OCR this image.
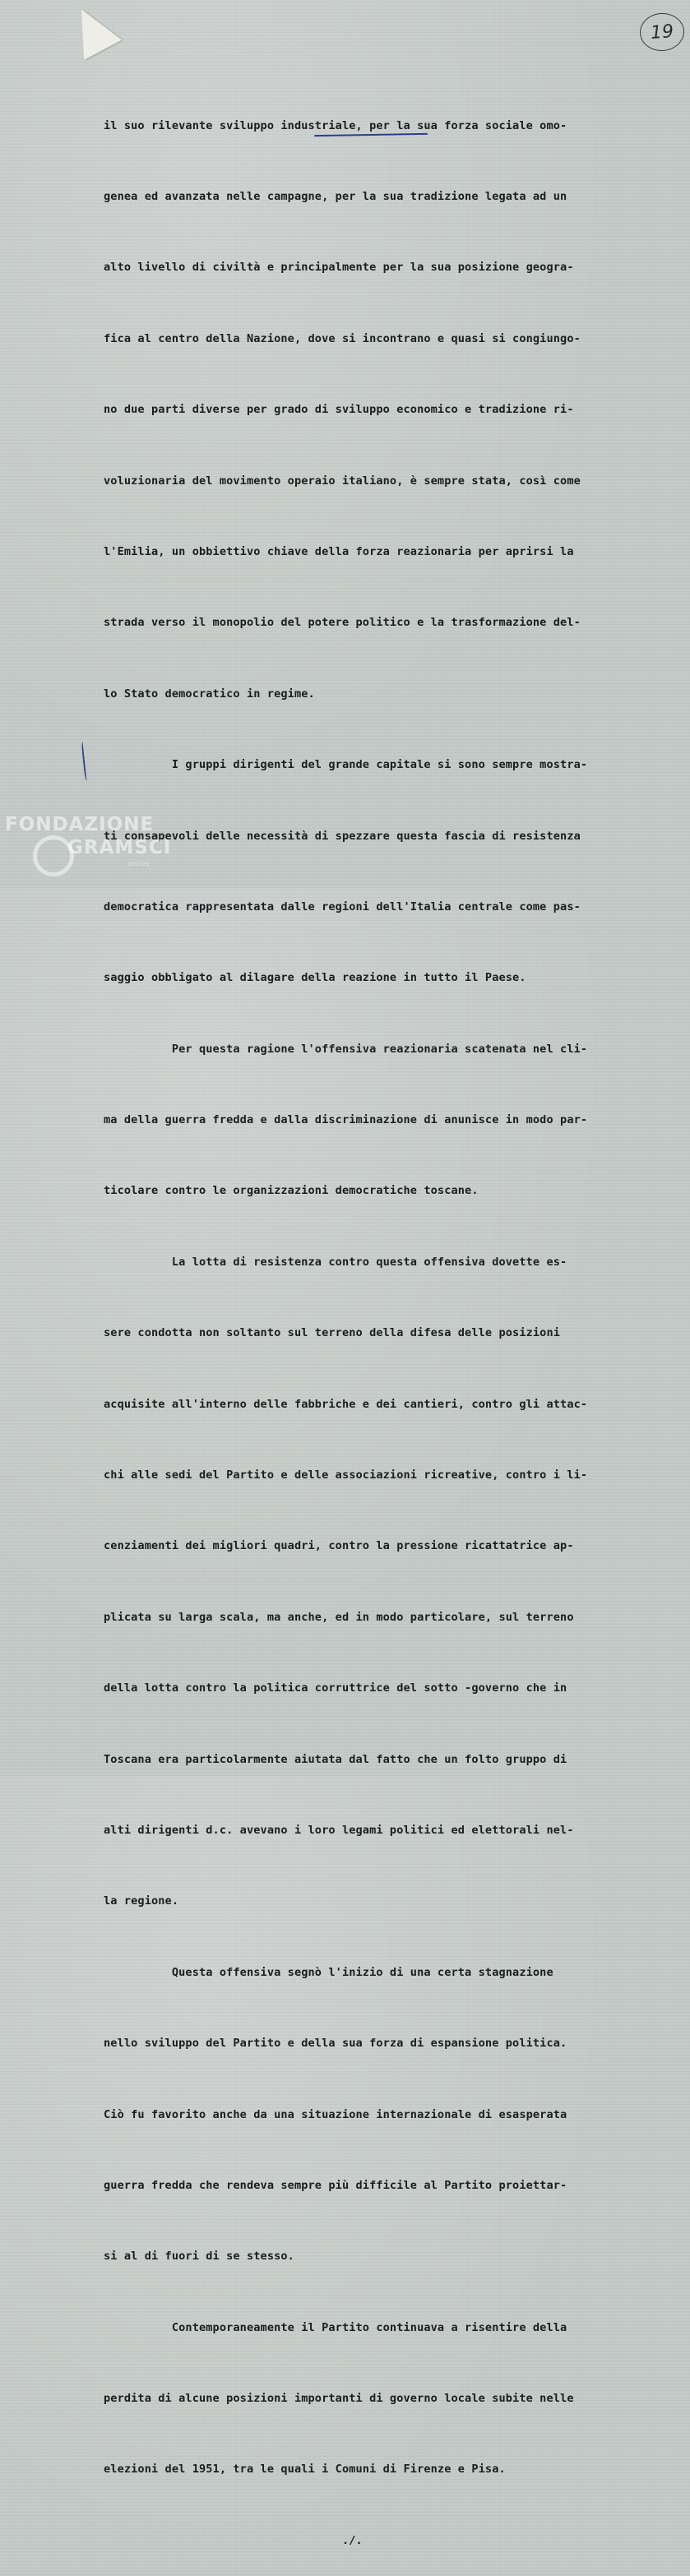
19

il suo rilevante sviluppo industriale, per la sua forza sociale omo-

genea ed avanzata nelle campagne, per la sua tradizione legata ad un

alto livello di civiltà e principalmente per la sua posizione geogra-

fica al centro della Nazione, dove si incontrano e quasi si congiungo-

no due parti diverse per grado di sviluppo economico e tradizione ri-

voluzionaria del movimento operaio italiano, è sempre stata, così come

l'Emilia, un obbiettivo chiave della forza reazionaria per aprirsi la

strada verso il monopolio del potere politico e la trasformazione del-

lo Stato democratico in regime.

I gruppi dirigenti del grande capitale si sono sempre mostra-

ti consapevoli delle necessità di spezzare questa fascia di resistenza

democratica rappresentata dalle regioni dell'Italia centrale come pas-

saggio obbligato al dilagare della reazione in tutto il Paese.

Per questa ragione l'offensiva reazionaria scatenata nel cli-

ma della guerra fredda e dalla discriminazione di anunisce in modo par-

ticolare contro le organizzazioni democratiche toscane.

La lotta di resistenza contro questa offensiva dovette es-

sere condotta non soltanto sul terreno della difesa delle posizioni

acquisite all'interno delle fabbriche e dei cantieri, contro gli attac-

chi alle sedi del Partito e delle associazioni ricreative, contro i li-

cenziamenti dei migliori quadri, contro la pressione ricattatrice ap-

plicata su larga scala, ma anche, ed in modo particolare, sul terreno

della lotta contro la politica corruttrice del sotto -governo che in

Toscana era particolarmente aiutata dal fatto che un folto gruppo di

alti dirigenti d.c. avevano i loro legami politici ed elettorali nel-

la regione.

Questa offensiva segnò l'inizio di una certa stagnazione

nello sviluppo del Partito e della sua forza di espansione politica.

Ciò fu favorito anche da una situazione internazionale di esasperata

guerra fredda che rendeva sempre più difficile al Partito proiettar-

si al di fuori di se stesso.

Contemporaneamente il Partito continuava a risentire della

perdita di alcune posizioni importanti di governo locale subite nelle

elezioni del 1951, tra le quali i Comuni di Firenze e Pisa.

./.

FONDAZIONE
GRAMSCI
onlus
